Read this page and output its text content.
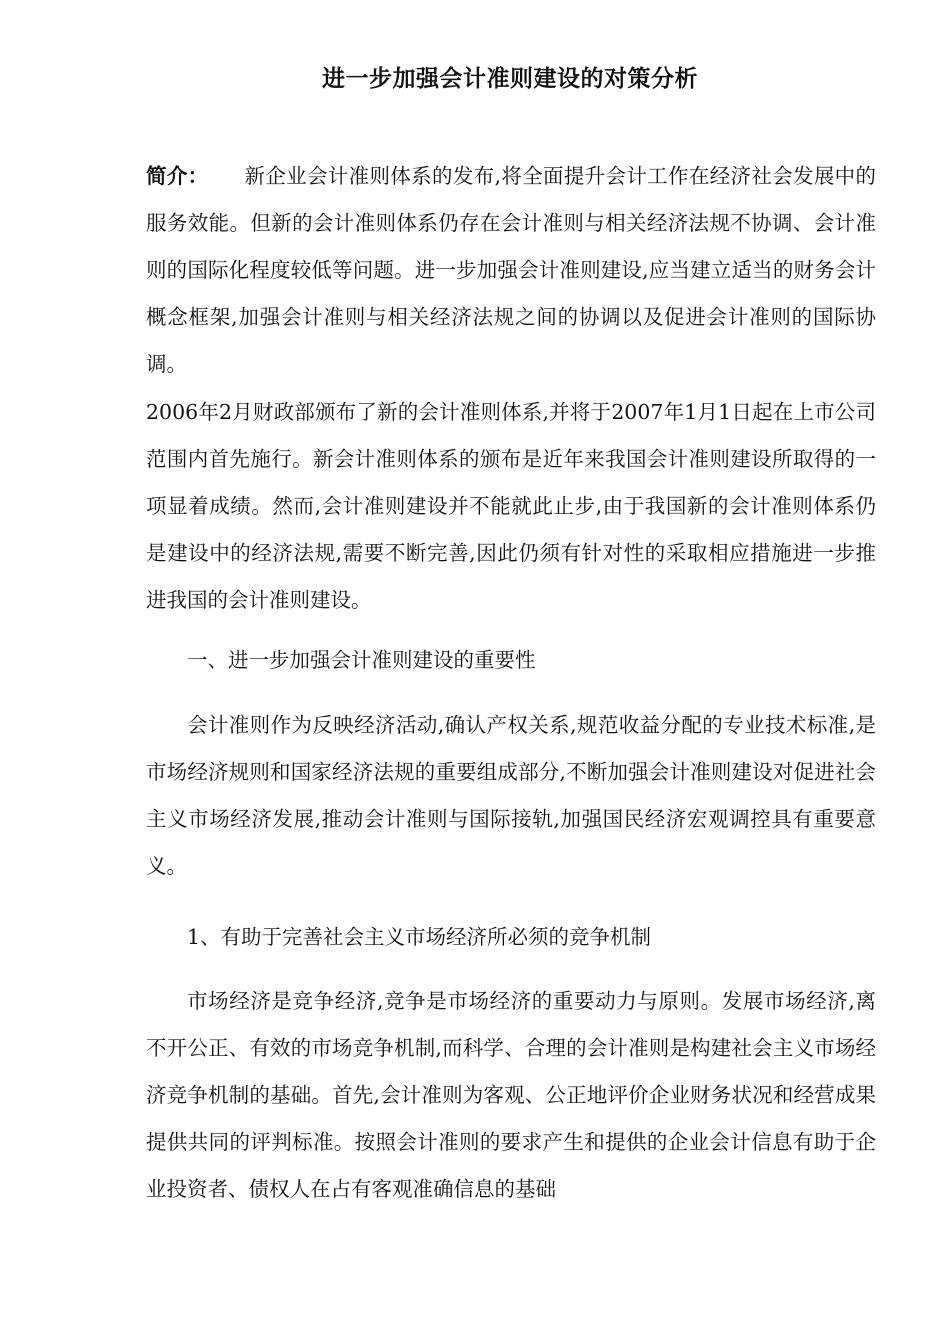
进一步加强会计准则建设的对策分析
简介： 新企业会计准则体系的发布,将全面提升会计工作在经济社会发展中的服务效能。但新的会计准则体系仍存在会计准则与相关经济法规不协调、会计准则的国际化程度较低等问题。进一步加强会计准则建设,应当建立适当的财务会计概念框架,加强会计准则与相关经济法规之间的协调以及促进会计准则的国际协调。
2006年2月财政部颁布了新的会计准则体系,并将于2007年1月1日起在上市公司范围内首先施行。新会计准则体系的颁布是近年来我国会计准则建设所取得的一项显着成绩。然而,会计准则建设并不能就此止步,由于我国新的会计准则体系仍是建设中的经济法规,需要不断完善,因此仍须有针对性的采取相应措施进一步推进我国的会计准则建设。
一、进一步加强会计准则建设的重要性
会计准则作为反映经济活动,确认产权关系,规范收益分配的专业技术标准,是市场经济规则和国家经济法规的重要组成部分,不断加强会计准则建设对促进社会主义市场经济发展,推动会计准则与国际接轨,加强国民经济宏观调控具有重要意义。
1、有助于完善社会主义市场经济所必须的竞争机制
市场经济是竞争经济,竞争是市场经济的重要动力与原则。发展市场经济,离不开公正、有效的市场竞争机制,而科学、合理的会计准则是构建社会主义市场经济竞争机制的基础。首先,会计准则为客观、公正地评价企业财务状况和经营成果提供共同的评判标准。按照会计准则的要求产生和提供的企业会计信息有助于企业投资者、债权人在占有客观准确信息的基础
